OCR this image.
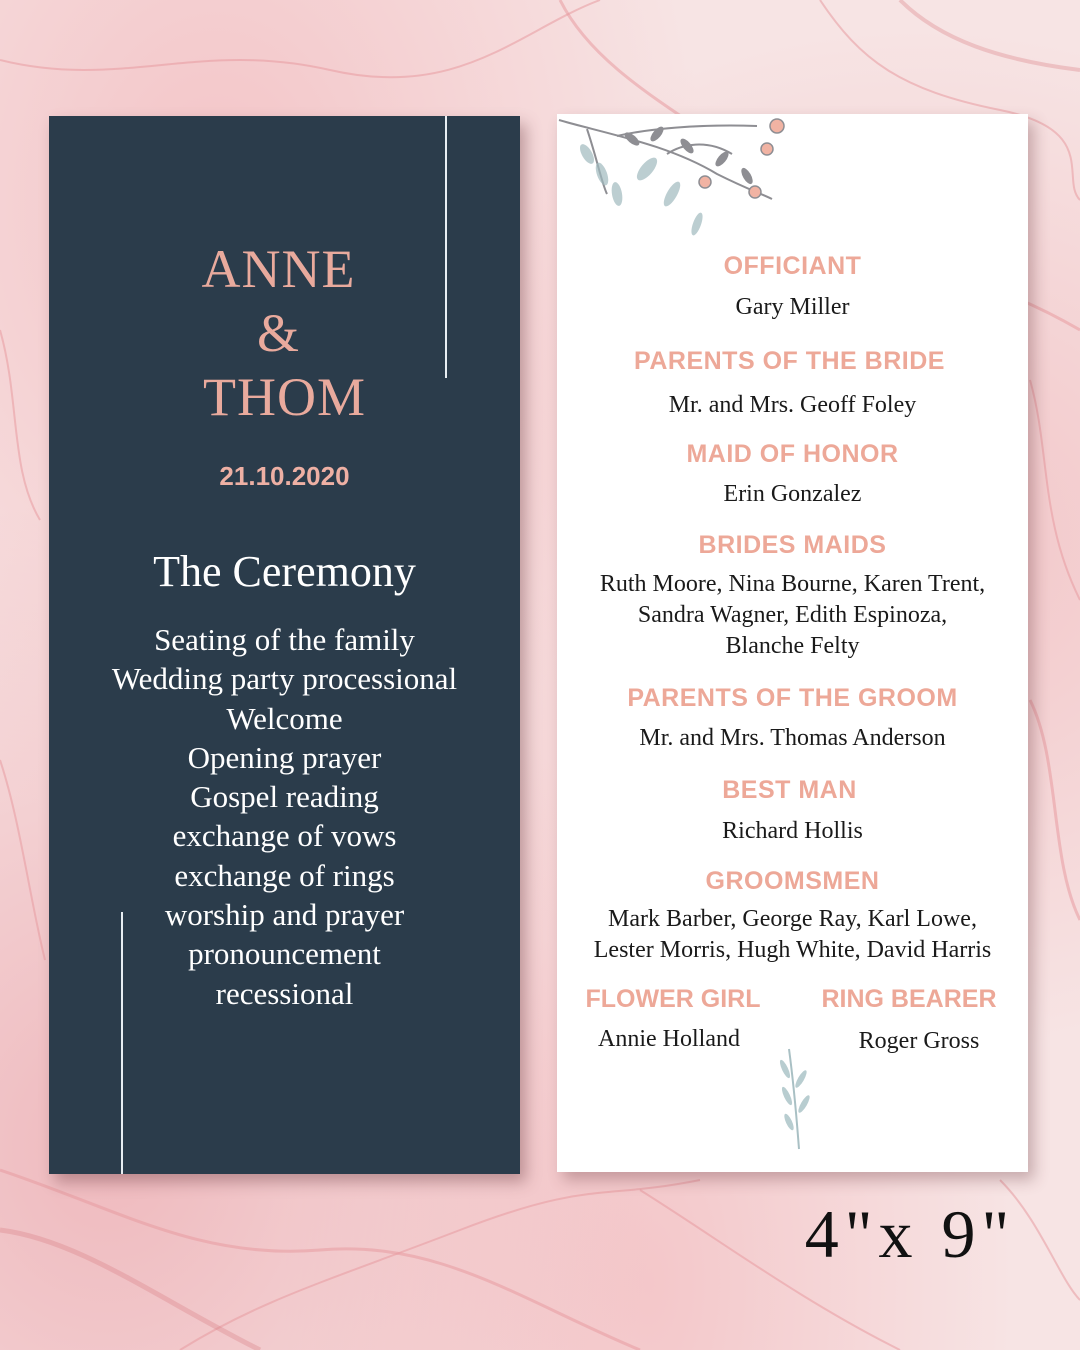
ANNE
&
THOM
21.10.2020
The Ceremony
Seating of the family
Wedding party processional
Welcome
Opening prayer
Gospel reading
exchange of vows
exchange of rings
worship and prayer
pronouncement
recessional
OFFICIANT
Gary Miller
PARENTS OF THE BRIDE
Mr. and Mrs. Geoff Foley
MAID OF HONOR
Erin Gonzalez
BRIDES MAIDS
Ruth Moore, Nina Bourne, Karen Trent,
Sandra Wagner, Edith Espinoza,
Blanche Felty
PARENTS OF THE GROOM
Mr. and Mrs. Thomas Anderson
BEST MAN
Richard Hollis
GROOMSMEN
Mark Barber, George Ray, Karl Lowe,
Lester Morris, Hugh White, David Harris
FLOWER GIRL
Annie Holland
RING BEARER
Roger Gross
4"x 9"
